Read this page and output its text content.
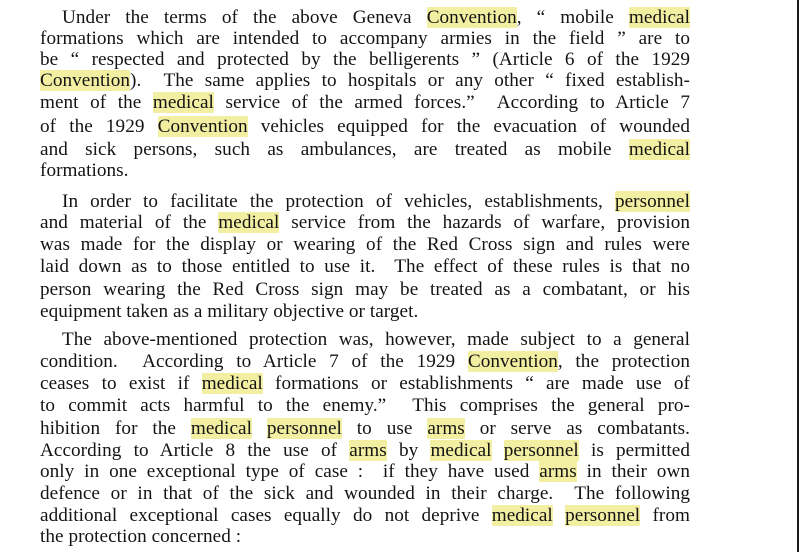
Under the terms of the above Geneva Convention, “ mobile medical
formations which are intended to accompany armies in the field ” are to
be “ respected and protected by the belligerents ” (Article 6 of the 1929
Convention).  The same applies to hospitals or any other “ fixed establish-
ment of the medical service of the armed forces.”  According to Article 7
of the 1929 Convention vehicles equipped for the evacuation of wounded
and sick persons, such as ambulances, are treated as mobile medical
formations.
In order to facilitate the protection of vehicles, establishments, personnel
and material of the medical service from the hazards of warfare, provision
was made for the display or wearing of the Red Cross sign and rules were
laid down as to those entitled to use it.  The effect of these rules is that no
person wearing the Red Cross sign may be treated as a combatant, or his
equipment taken as a military objective or target.
The above-mentioned protection was, however, made subject to a general
condition.  According to Article 7 of the 1929 Convention, the protection
ceases to exist if medical formations or establishments “ are made use of
to commit acts harmful to the enemy.”  This comprises the general pro-
hibition for the medical personnel to use arms or serve as combatants.
According to Article 8 the use of arms by medical personnel is permitted
only in one exceptional type of case :  if they have used arms in their own
defence or in that of the sick and wounded in their charge.  The following
additional exceptional cases equally do not deprive medical personnel from
the protection concerned :
